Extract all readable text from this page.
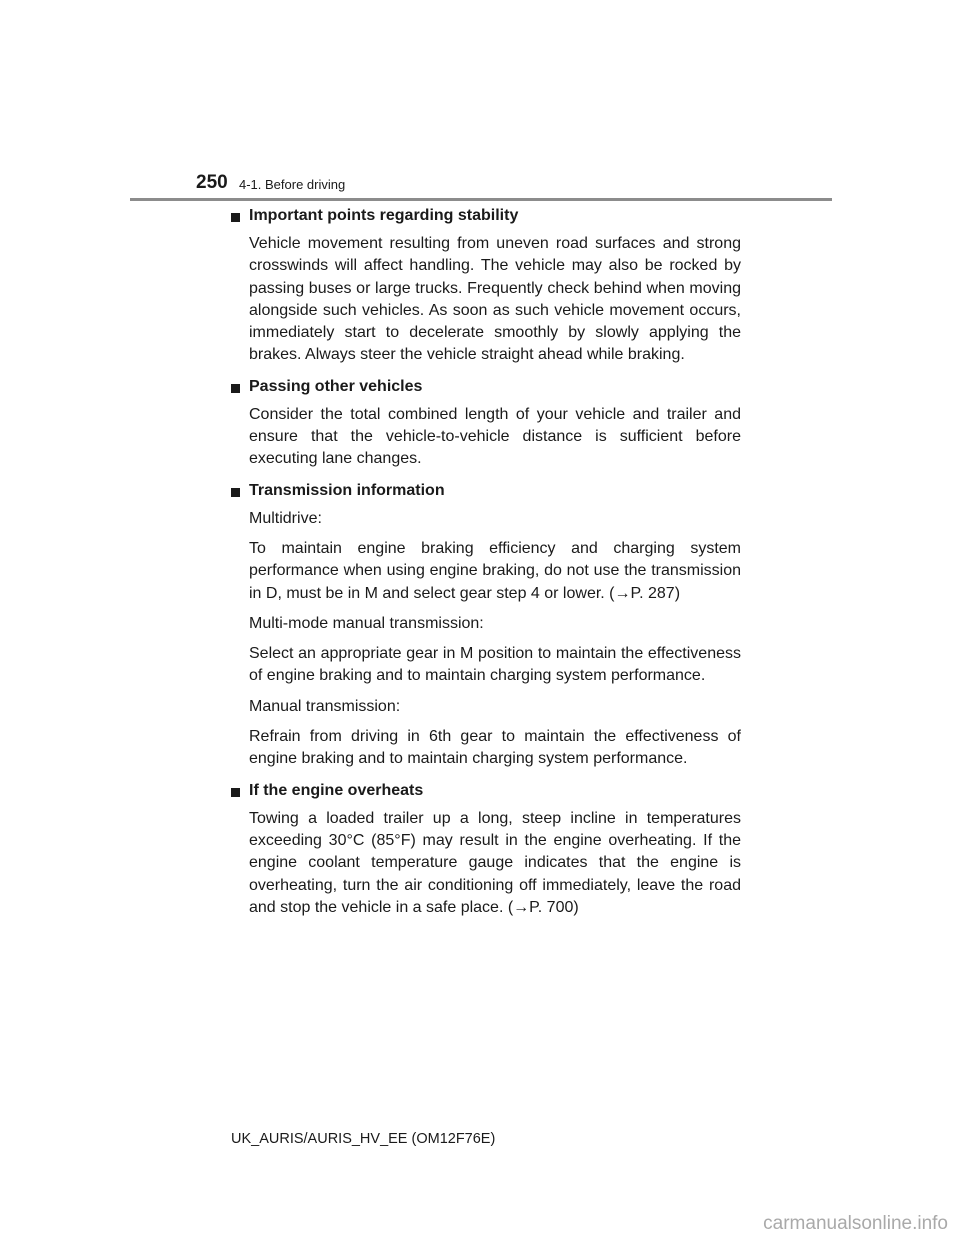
250 4-1. Before driving
Important points regarding stability

Vehicle movement resulting from uneven road surfaces and strong crosswinds will affect handling. The vehicle may also be rocked by passing buses or large trucks. Frequently check behind when moving alongside such vehicles. As soon as such vehicle movement occurs, immediately start to decelerate smoothly by slowly applying the brakes. Always steer the vehicle straight ahead while braking.

Passing other vehicles

Consider the total combined length of your vehicle and trailer and ensure that the vehicle-to-vehicle distance is sufficient before executing lane changes.

Transmission information

Multidrive:

To maintain engine braking efficiency and charging system performance when using engine braking, do not use the transmission in D, must be in M and select gear step 4 or lower. (→P. 287)

Multi-mode manual transmission:

Select an appropriate gear in M position to maintain the effectiveness of engine braking and to maintain charging system performance.

Manual transmission:

Refrain from driving in 6th gear to maintain the effectiveness of engine braking and to maintain charging system performance.

If the engine overheats

Towing a loaded trailer up a long, steep incline in temperatures exceeding 30°C (85°F) may result in the engine overheating. If the engine coolant temperature gauge indicates that the engine is overheating, turn the air conditioning off immediately, leave the road and stop the vehicle in a safe place. (→P. 700)

UK_AURIS/AURIS_HV_EE (OM12F76E)
carmanualsonline.info
